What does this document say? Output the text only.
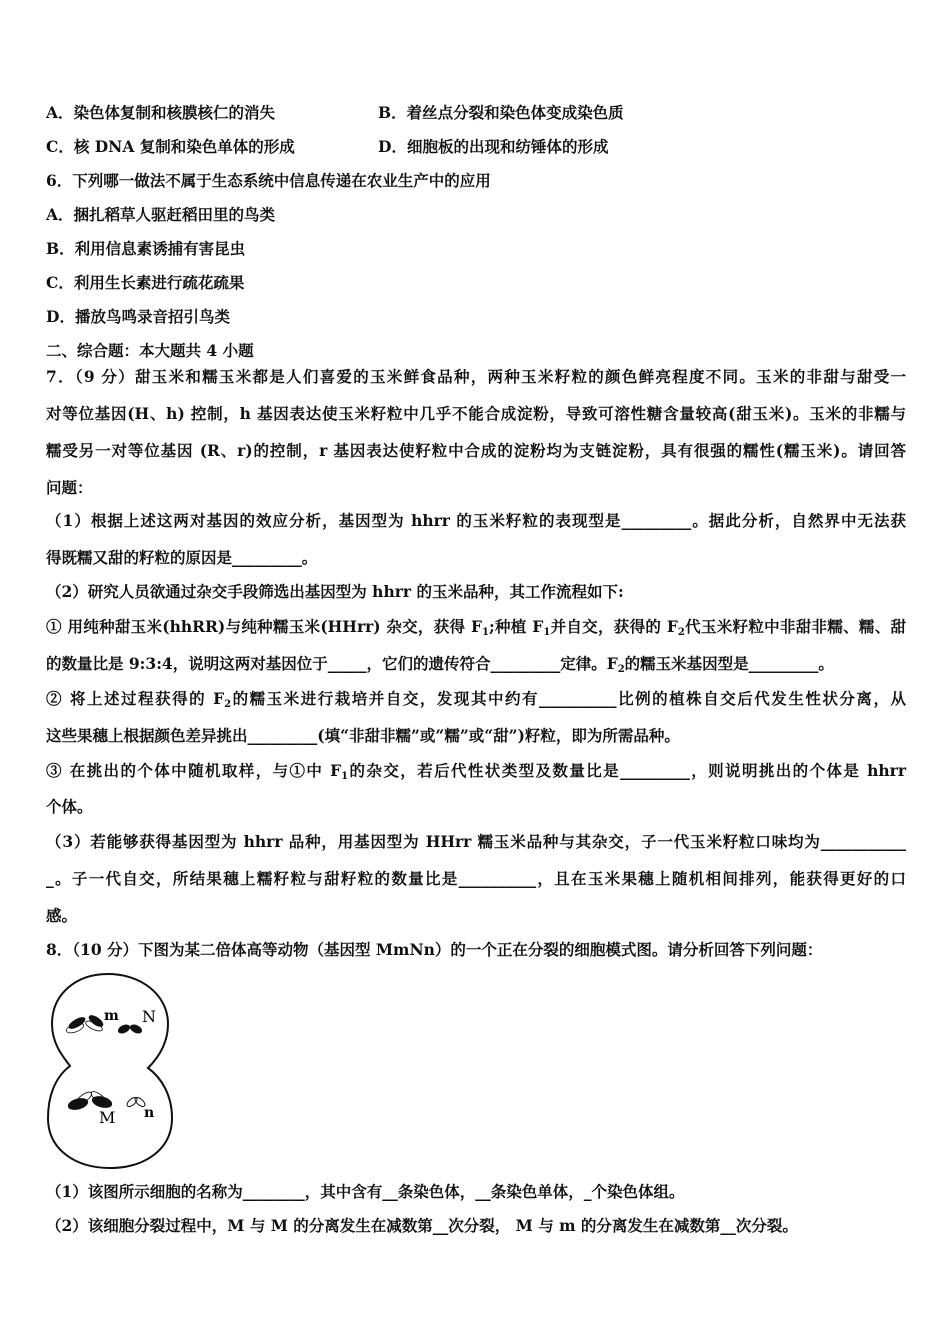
A．染色体复制和核膜核仁的消失	B．着丝点分裂和染色体变成染色质
C．核 DNA 复制和染色单体的形成	D．细胞板的出现和纺锤体的形成
6．下列哪一做法不属于生态系统中信息传递在农业生产中的应用
A．捆扎稻草人驱赶稻田里的鸟类
B．利用信息素诱捕有害昆虫
C．利用生长素进行疏花疏果
D．播放鸟鸣录音招引鸟类
二、综合题：本大题共 4 小题
7．（9 分）甜玉米和糯玉米都是人们喜爱的玉米鲜食品种，两种玉米籽粒的颜色鲜亮程度不同。玉米的非甜与甜受一
对等位基因(H、h) 控制，h 基因表达使玉米籽粒中几乎不能合成淀粉，导致可溶性糖含量较高(甜玉米)。玉米的非糯与
糯受另一对等位基因 (R、r)的控制，r 基因表达使籽粒中合成的淀粉均为支链淀粉，具有很强的糯性(糯玉米)。请回答
问题：
（1）根据上述这两对基因的效应分析，基因型为 hhrr 的玉米籽粒的表现型是_________。据此分析，自然界中无法获
得既糯又甜的籽粒的原因是_________。
（2）研究人员欲通过杂交手段筛选出基因型为 hhrr 的玉米品种，其工作流程如下:
① 用纯种甜玉米(hhRR)与纯种糯玉米(HHrr) 杂交，获得 $F_1$;种植 $F_1$并自交，获得的 $F_2$代玉米籽粒中非甜非糯、糯、甜
的数量比是 9:3:4，说明这两对基因位于_____，它们的遗传符合_________定律。$F_2$的糯玉米基因型是_________。
② 将上述过程获得的 $F_2$的糯玉米进行栽培并自交，发现其中约有__________比例的植株自交后代发生性状分离，从
这些果穗上根据颜色差异挑出_________(填“非甜非糯”或“糯”或“甜”)籽粒，即为所需品种。
③ 在挑出的个体中随机取样，与①中 $F_1$的杂交，若后代性状类型及数量比是_________，则说明挑出的个体是 hhrr
个体。
（3）若能够获得基因型为 hhrr 品种，用基因型为 HHrr 糯玉米品种与其杂交，子一代玉米籽粒口味均为___________
_。子一代自交，所结果穗上糯籽粒与甜籽粒的数量比是__________，且在玉米果穗上随机相间排列，能获得更好的口
感。
8．（10 分）下图为某二倍体高等动物（基因型 MmNn）的一个正在分裂的细胞模式图。请分析回答下列问题：
m N
M n
（1）该图所示细胞的名称为________，其中含有__条染色体，__条染色单体，_个染色体组。
（2）该细胞分裂过程中，M 与 M 的分离发生在减数第__次分裂， M 与 m 的分离发生在减数第__次分裂。
